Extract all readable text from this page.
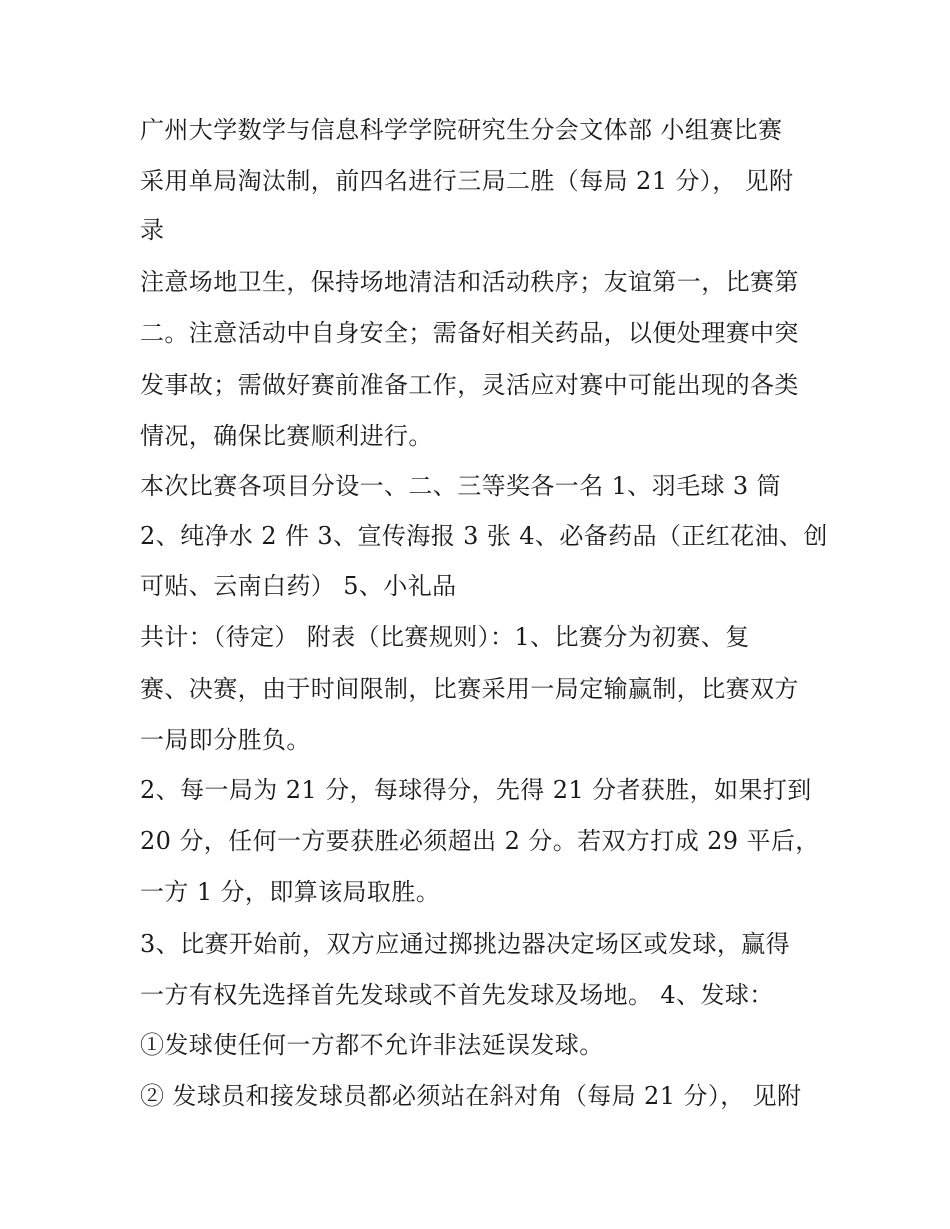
广州大学数学与信息科学学院研究生分会文体部 小组赛比赛
采用单局淘汰制，前四名进行三局二胜（每局 21 分）， 见附
录
注意场地卫生，保持场地清洁和活动秩序；友谊第一，比赛第
二。注意活动中自身安全；需备好相关药品，以便处理赛中突
发事故；需做好赛前准备工作，灵活应对赛中可能出现的各类
情况，确保比赛顺利进行。
本次比赛各项目分设一、二、三等奖各一名 1、羽毛球 3 筒
2、纯净水 2 件 3、宣传海报 3 张 4、必备药品（正红花油、创
可贴、云南白药） 5、小礼品
共计：（待定） 附表（比赛规则）：1、比赛分为初赛、复
赛、决赛，由于时间限制，比赛采用一局定输赢制，比赛双方
一局即分胜负。
2、每一局为 21 分，每球得分，先得 21 分者获胜，如果打到
20 分，任何一方要获胜必须超出 2 分。若双方打成 29 平后，
一方 1 分，即算该局取胜。
3、比赛开始前，双方应通过掷挑边器决定场区或发球，赢得
一方有权先选择首先发球或不首先发球及场地。 4、发球：
①发球使任何一方都不允许非法延误发球。
② 发球员和接发球员都必须站在斜对角（每局 21 分）， 见附
